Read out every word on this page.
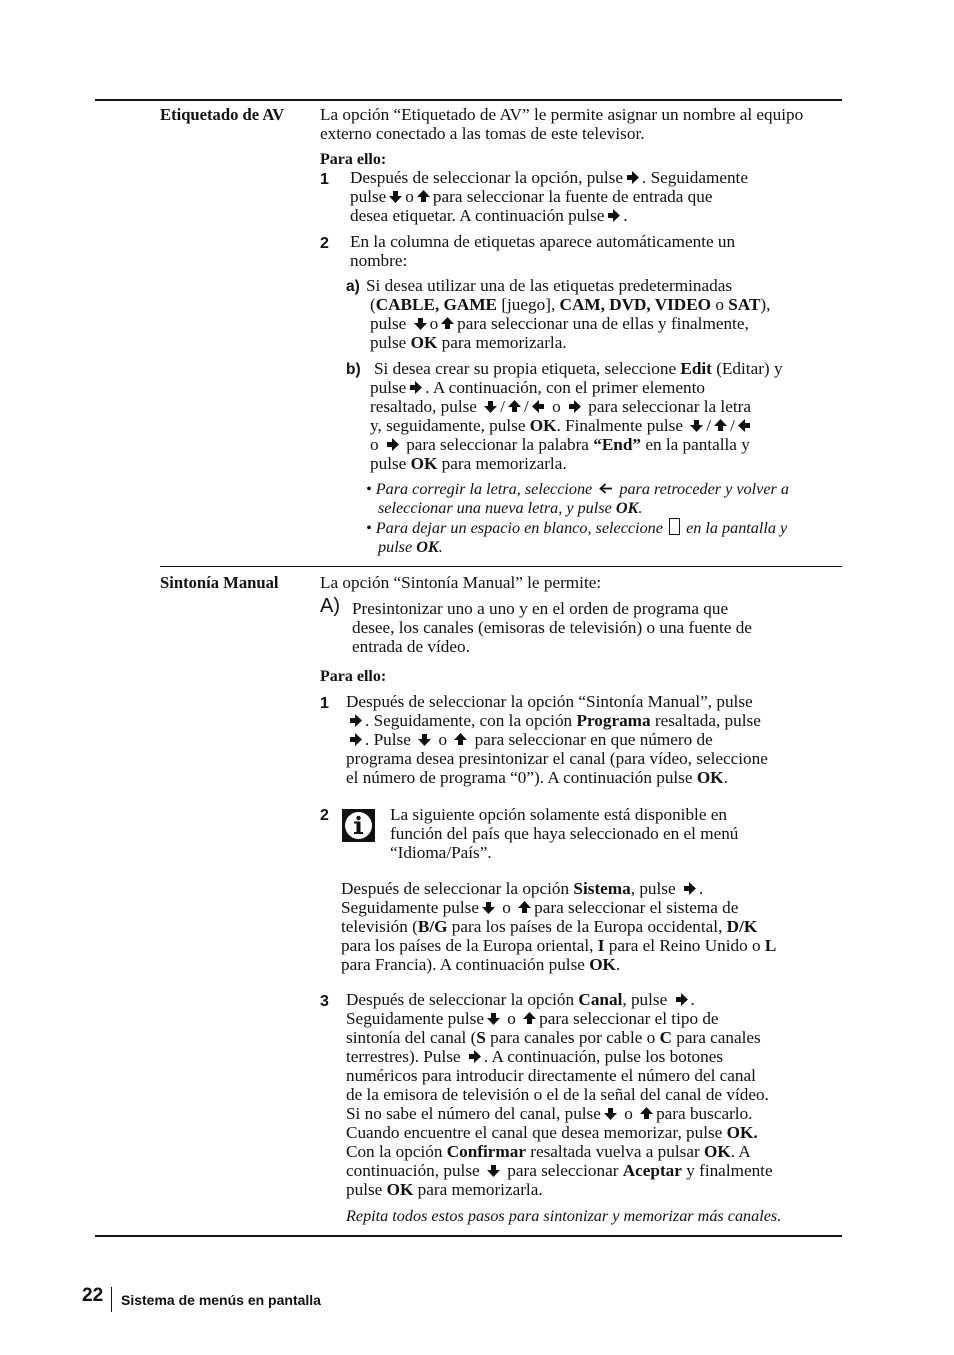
Etiquetado de AV La opción “Etiquetado de AV” le permite asignar un nombre al equipo externo conectado a las tomas de este televisor.
Para ello:
1 Después de seleccionar la opción, pulse . Seguidamente
pulse o para seleccionar la fuente de entrada que
desea etiquetar. A continuación pulse .
2 En la columna de etiquetas aparece automáticamente un
nombre:
a) Si desea utilizar una de las etiquetas predeterminadas
(CABLE, GAME [juego], CAM, DVD, VIDEO o SAT),
pulse o para seleccionar una de ellas y finalmente,
pulse OK para memorizarla.
b) Si desea crear su propia etiqueta, seleccione Edit (Editar) y
pulse . A continuación, con el primer elemento
resaltado, pulse / / o para seleccionar la letra
y, seguidamente, pulse OK. Finalmente pulse / /
o para seleccionar la palabra “End” en la pantalla y
pulse OK para memorizarla.
• Para corregir la letra, seleccione para retroceder y volver a
seleccionar una nueva letra, y pulse OK.
• Para dejar un espacio en blanco, seleccione en la pantalla y
pulse OK.
Sintonía Manual La opción “Sintonía Manual” le permite:
A) Presintonizar uno a uno y en el orden de programa que
desee, los canales (emisoras de televisión) o una fuente de
entrada de vídeo.
Para ello:
1 Después de seleccionar la opción “Sintonía Manual”, pulse
. Seguidamente, con la opción Programa resaltada, pulse
. Pulse o para seleccionar en que número de
programa desea presintonizar el canal (para vídeo, seleccione
el número de programa “0”). A continuación pulse OK.
2	La siguiente opción solamente está disponible en
función del país que haya seleccionado en el menú
“Idioma/País”.
Después de seleccionar la opción Sistema, pulse .
Seguidamente pulse o para seleccionar el sistema de
televisión (B/G para los países de la Europa occidental, D/K
para los países de la Europa oriental, I para el Reino Unido o L
para Francia). A continuación pulse OK.
3 Después de seleccionar la opción Canal, pulse .
Seguidamente pulse o para seleccionar el tipo de
sintonía del canal (S para canales por cable o C para canales
terrestres). Pulse . A continuación, pulse los botones
numéricos para introducir directamente el número del canal
de la emisora de televisión o el de la señal del canal de vídeo.
Si no sabe el número del canal, pulse o para buscarlo.
Cuando encuentre el canal que desea memorizar, pulse OK.
Con la opción Confirmar resaltada vuelva a pulsar OK. A
continuación, pulse para seleccionar Aceptar y finalmente
pulse OK para memorizarla.
Repita todos estos pasos para sintonizar y memorizar más canales.
22 Sistema de menús en pantalla
